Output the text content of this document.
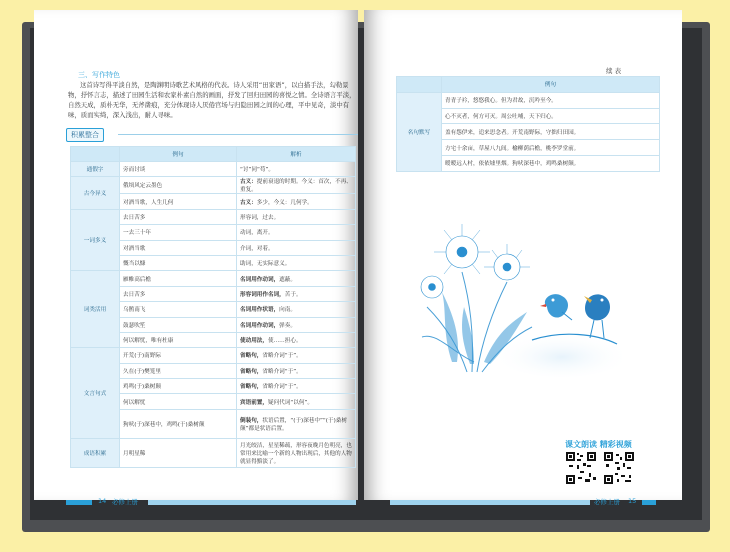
三、写作特色
这首诗写得平淡自然，是陶渊明诗歌艺术风格的代表。诗人采用“田家语”，以白描手法，勾勒景物，抒怀言志，描述了田园生活和农家朴素自然的画面，抒发了回归田园的喜悦之情。全诗语言平淡，自然天成，质朴无华，无斧凿痕，充分体现诗人厌倦官场与归隐田园之间的心理，平中见奇，淡中有味，质而实绮，深入浅出，耐人寻味。
积累整合
	例句	解析
通假字	旁而讨谈	“讨”同“苟”。
古今异义	俄顷风定云墨色	古义：提前衰退的时期。今义：首次，不再、重复。
	对酒当歌，人生几何	古义：多少，今义：几何学。
一词多义	去日苦多	形容词，过去。
	一去三十年	动词，离开。
	对酒当歌	介词，对着。
	慨当以慷	助词，无实际意义。
词类活用	雁帷高后檐	名词用作动词，遮蔽。
	去日苦多	形容词用作名词，苦于。
	乌鹊南飞	名词用作状语，向南。
	鼓瑟吹笙	名词用作动词，弹奏。
	何以解忧，唯有杜康	使动用法，使……担心。
文言句式	开荒(于)南野际	省略句，省略介词“于”。
	久在(于)樊笼里	省略句，省略介词“于”。
	鸡鸣(于)桑树颠	省略句，省略介词“于”。
	何以解忧	宾语前置，疑问代词“以何”。
	狗吠(于)深巷中，鸡鸣(于)桑树颠	倒装句，状语后置，“(于)深巷中”“(于)桑树颠”都是状语后置。
成语积累	月明星稀	月光皎洁，星星稀疏，形容夜晚月色明亮，也常用来比喻一个新的人物出现后，其他的人物就显得黯淡了。
14 必修上册
续 表
	例句
名句默写	青青子衿，悠悠我心。但为君故，沉吟至今。
	心不灭者，何方可灭。周公吐哺，天下归心。
	盖有怨伊来，追来思念者。开荒南野际，守拙归田园。
	方宅十余亩，草屋八九间。榆柳荫后檐，桃李罗堂前。
	暧暧远人村，依依墟里烟。狗吠深巷中，鸡鸣桑树颠。
课文朗读 精彩视频
必修上册 15
